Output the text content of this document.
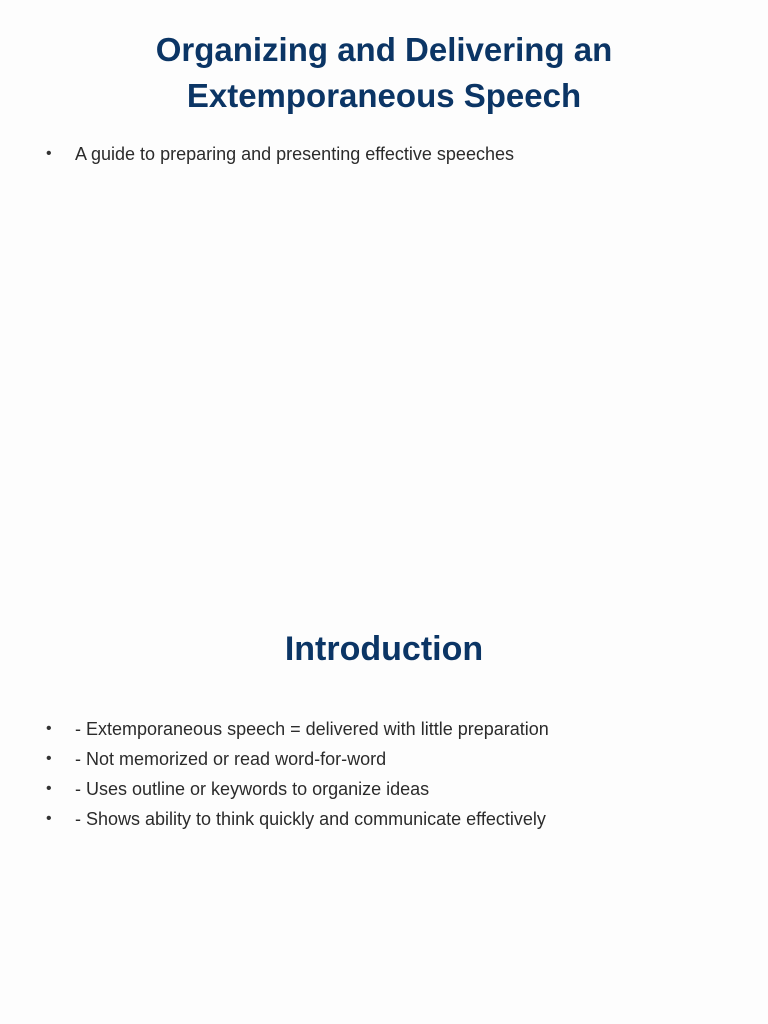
Organizing and Delivering an
Extemporaneous Speech
• A guide to preparing and presenting effective speeches
Introduction
• - Extemporaneous speech = delivered with little preparation
• - Not memorized or read word-for-word
• - Uses outline or keywords to organize ideas
• - Shows ability to think quickly and communicate effectively
